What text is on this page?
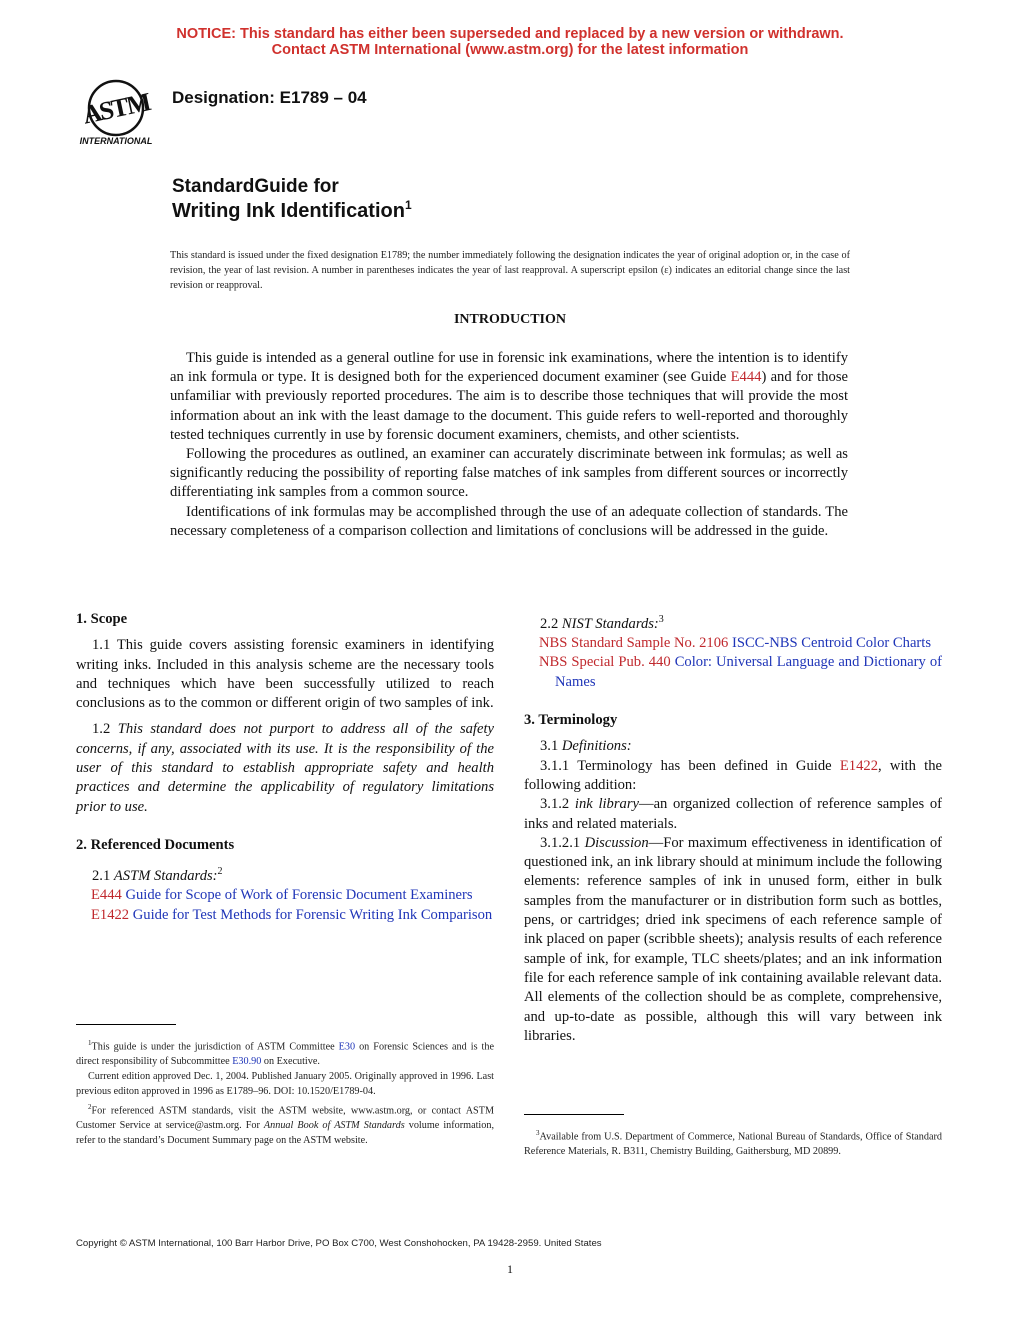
NOTICE: This standard has either been superseded and replaced by a new version or withdrawn.
Contact ASTM International (www.astm.org) for the latest information
ASTM
INTERNATIONAL
Designation: E1789 – 04
StandardGuide for
Writing Ink Identification$^1$
This standard is issued under the fixed designation E1789; the number immediately following the designation indicates the year of original adoption or, in the case of revision, the year of last revision. A number in parentheses indicates the year of last reapproval. A superscript epsilon (ε) indicates an editorial change since the last revision or reapproval.
INTRODUCTION

This guide is intended as a general outline for use in forensic ink examinations, where the intention is to identify an ink formula or type. It is designed both for the experienced document examiner (see Guide E444) and for those unfamiliar with previously reported procedures. The aim is to describe those techniques that will provide the most information about an ink with the least damage to the document. This guide refers to well-reported and thoroughly tested techniques currently in use by forensic document examiners, chemists, and other scientists.

Following the procedures as outlined, an examiner can accurately discriminate between ink formulas; as well as significantly reducing the possibility of reporting false matches of ink samples from different sources or incorrectly differentiating ink samples from a common source.

Identifications of ink formulas may be accomplished through the use of an adequate collection of standards. The necessary completeness of a comparison collection and limitations of conclusions will be addressed in the guide.

1. Scope

1.1 This guide covers assisting forensic examiners in identifying writing inks. Included in this analysis scheme are the necessary tools and techniques which have been successfully utilized to reach conclusions as to the common or different origin of two samples of ink.

1.2 This standard does not purport to address all of the safety concerns, if any, associated with its use. It is the responsibility of the user of this standard to establish appropriate safety and health practices and determine the applicability of regulatory limitations prior to use.

2. Referenced Documents

2.1 ASTM Standards:$^2$

E444 Guide for Scope of Work of Forensic Document Examiners

E1422 Guide for Test Methods for Forensic Writing Ink Comparison

$^1$This guide is under the jurisdiction of ASTM Committee E30 on Forensic Sciences and is the direct responsibility of Subcommittee E30.90 on Executive.

Current edition approved Dec. 1, 2004. Published January 2005. Originally approved in 1996. Last previous editon approved in 1996 as E1789–96. DOI: 10.1520/E1789-04.

$^2$For referenced ASTM standards, visit the ASTM website, www.astm.org, or contact ASTM Customer Service at service@astm.org. For Annual Book of ASTM Standards volume information, refer to the standard’s Document Summary page on the ASTM website.

2.2 NIST Standards:$^3$

NBS Standard Sample No. 2106 ISCC-NBS Centroid Color Charts

NBS Special Pub. 440 Color: Universal Language and Dictionary of Names

3. Terminology

3.1 Definitions:

3.1.1 Terminology has been defined in Guide E1422, with the following addition:

3.1.2 ink library—an organized collection of reference samples of inks and related materials.

3.1.2.1 Discussion—For maximum effectiveness in identification of questioned ink, an ink library should at minimum include the following elements: reference samples of ink in unused form, either in bulk samples from the manufacturer or in distribution form such as bottles, pens, or cartridges; dried ink specimens of each reference sample of ink placed on paper (scribble sheets); analysis results of each reference sample of ink, for example, TLC sheets/plates; and an ink information file for each reference sample of ink containing available relevant data. All elements of the collection should be as complete, comprehensive, and up-to-date as possible, although this will vary between ink libraries.

$^3$Available from U.S. Department of Commerce, National Bureau of Standards, Office of Standard Reference Materials, R. B311, Chemistry Building, Gaithersburg, MD 20899.

Copyright © ASTM International, 100 Barr Harbor Drive, PO Box C700, West Conshohocken, PA 19428-2959. United States
1
